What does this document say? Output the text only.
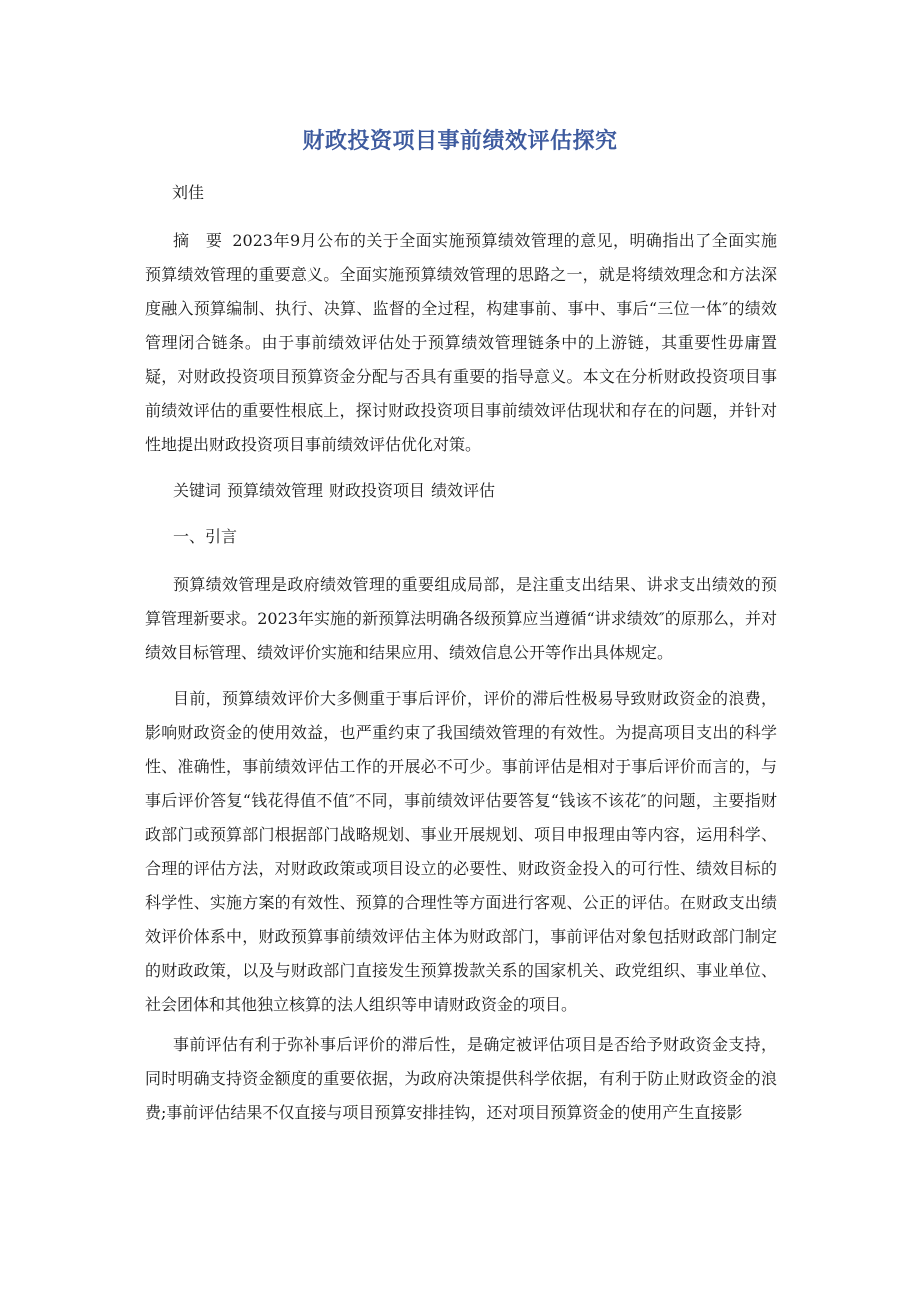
财政投资项目事前绩效评估探究
刘佳

摘　要 2023年9月公布的关于全面实施预算绩效管理的意见，明确指出了全面实施预算绩效管理的重要意义。全面实施预算绩效管理的思路之一，就是将绩效理念和方法深度融入预算编制、执行、决算、监督的全过程，构建事前、事中、事后“三位一体″的绩效管理闭合链条。由于事前绩效评估处于预算绩效管理链条中的上游链，其重要性毋庸置疑，对财政投资项目预算资金分配与否具有重要的指导意义。本文在分析财政投资项目事前绩效评估的重要性根底上，探讨财政投资项目事前绩效评估现状和存在的问题，并针对性地提出财政投资项目事前绩效评估优化对策。

关键词 预算绩效管理 财政投资项目 绩效评估

一、引言

预算绩效管理是政府绩效管理的重要组成局部，是注重支出结果、讲求支出绩效的预算管理新要求。2023年实施的新预算法明确各级预算应当遵循“讲求绩效″的原那么，并对绩效目标管理、绩效评价实施和结果应用、绩效信息公开等作出具体规定。

目前，预算绩效评价大多侧重于事后评价，评价的滞后性极易导致财政资金的浪费，影响财政资金的使用效益，也严重约束了我国绩效管理的有效性。为提高项目支出的科学性、准确性，事前绩效评估工作的开展必不可少。事前评估是相对于事后评价而言的，与事后评价答复“钱花得值不值″不同，事前绩效评估要答复“钱该不该花″的问题，主要指财政部门或预算部门根据部门战略规划、事业开展规划、项目申报理由等内容，运用科学、合理的评估方法，对财政政策或项目设立的必要性、财政资金投入的可行性、绩效目标的科学性、实施方案的有效性、预算的合理性等方面进行客观、公正的评估。在财政支出绩效评价体系中，财政预算事前绩效评估主体为财政部门，事前评估对象包括财政部门制定的财政政策，以及与财政部门直接发生预算拨款关系的国家机关、政党组织、事业单位、社会团体和其他独立核算的法人组织等申请财政资金的项目。

事前评估有利于弥补事后评价的滞后性，是确定被评估项目是否给予财政资金支持，同时明确支持资金额度的重要依据，为政府决策提供科学依据，有利于防止财政资金的浪费;事前评估结果不仅直接与项目预算安排挂钩，还对项目预算资金的使用产生直接影
